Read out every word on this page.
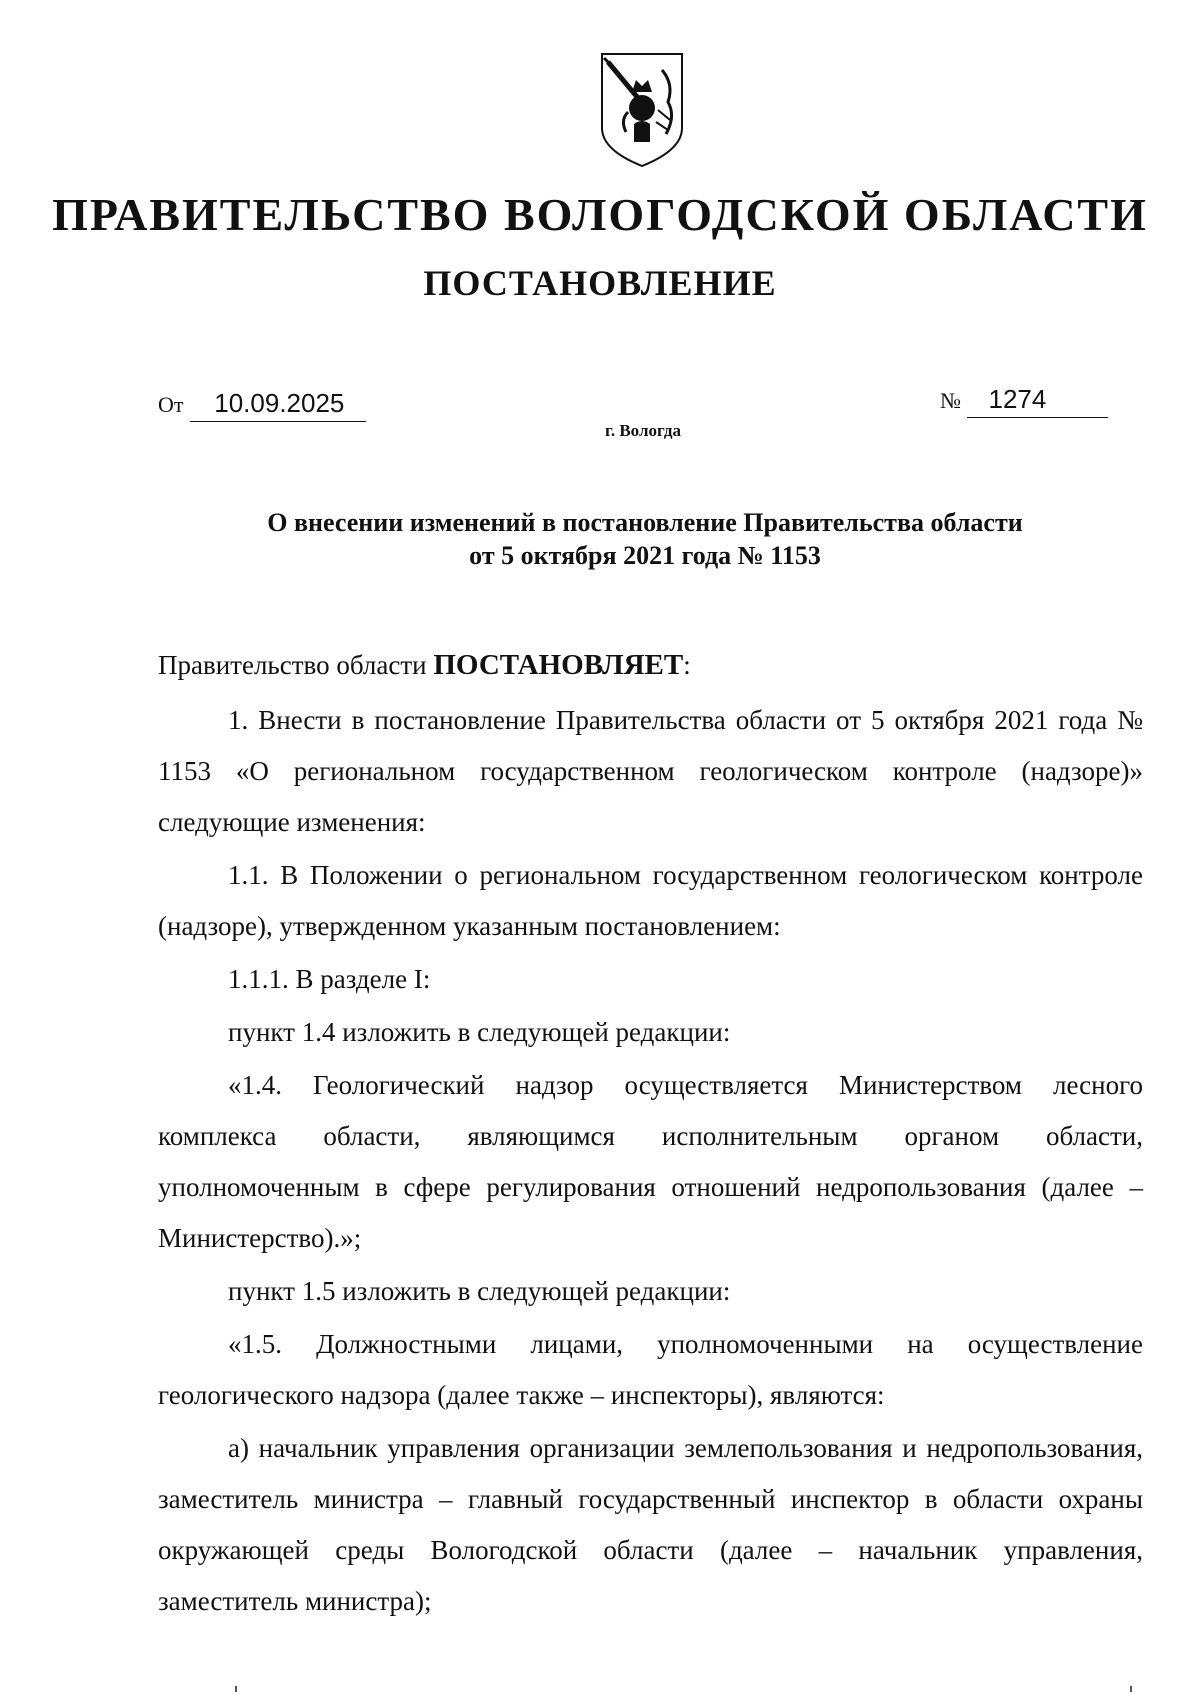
ПРАВИТЕЛЬСТВО ВОЛОГОДСКОЙ ОБЛАСТИ
ПОСТАНОВЛЕНИЕ
От 10.09.2025	№ 1274
г. Вологда
О внесении изменений в постановление Правительства области
от 5 октября 2021 года № 1153

Правительство области ПОСТАНОВЛЯЕТ:

1. Внести в постановление Правительства области от 5 октября 2021 года № 1153 «О региональном государственном геологическом контроле (надзоре)» следующие изменения:

1.1. В Положении о региональном государственном геологическом контроле (надзоре), утвержденном указанным постановлением:

1.1.1. В разделе I:

пункт 1.4 изложить в следующей редакции:

«1.4. Геологический надзор осуществляется Министерством лесного комплекса области, являющимся исполнительным органом области, уполномоченным в сфере регулирования отношений недропользования (далее – Министерство).»;

пункт 1.5 изложить в следующей редакции:

«1.5. Должностными лицами, уполномоченными на осуществление геологического надзора (далее также – инспекторы), являются:

а) начальник управления организации землепользования и недропользования, заместитель министра – главный государственный инспектор в области охраны окружающей среды Вологодской области (далее – начальник управления, заместитель министра);
